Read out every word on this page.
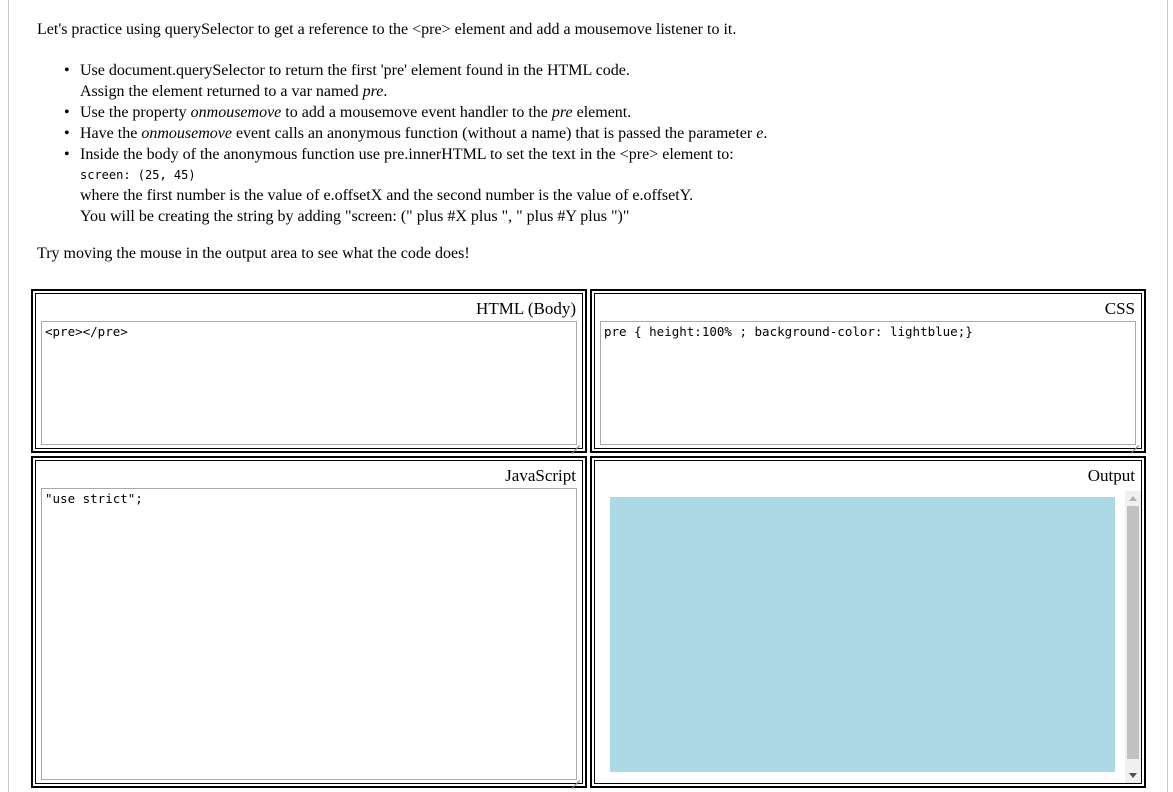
Let's practice using querySelector to get a reference to the <pre> element and add a mousemove listener to it.

• Use document.querySelector to return the first 'pre' element found in the HTML code.
Assign the element returned to a var named pre.
• Use the property onmousemove to add a mousemove event handler to the pre element.
• Have the onmousemove event calls an anonymous function (without a name) that is passed the parameter e.
• Inside the body of the anonymous function use pre.innerHTML to set the text in the <pre> element to:
screen: (25, 45)
where the first number is the value of e.offsetX and the second number is the value of e.offsetY.
You will be creating the string by adding "screen: (" plus #X plus ", " plus #Y plus ")"

Try moving the mouse in the output area to see what the code does!

HTML (Body)
<pre></pre>
CSS
pre { height:100% ; background-color: lightblue;}
JavaScript
"use strict";
Output
